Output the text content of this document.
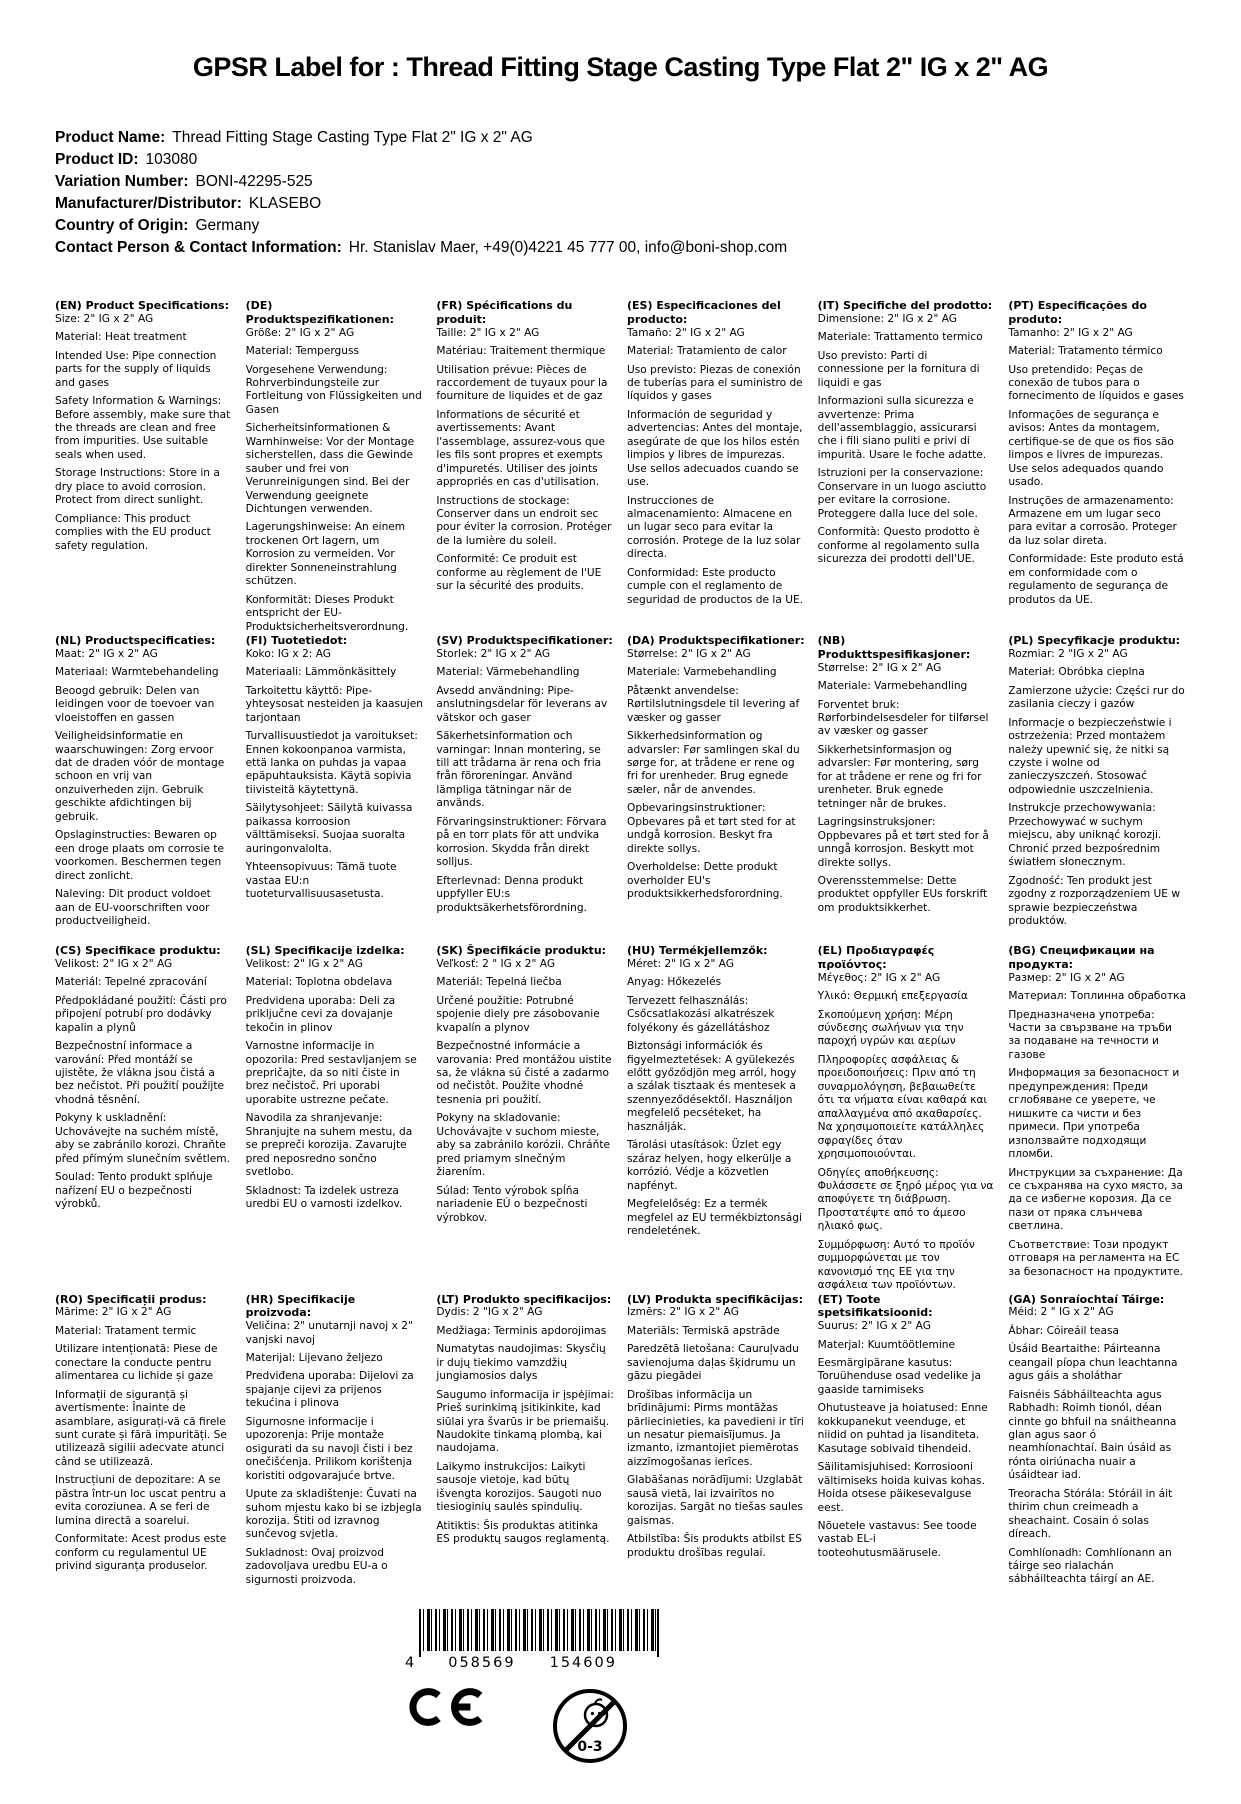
GPSR Label for : Thread Fitting Stage Casting Type Flat 2" IG x 2" AG
Product Name: Thread Fitting Stage Casting Type Flat 2" IG x 2" AG
Product ID: 103080
Variation Number: BONI-42295-525
Manufacturer/Distributor: KLASEBO
Country of Origin: Germany
Contact Person & Contact Information: Hr. Stanislav Maer, +49(0)4221 45 777 00, info@boni-shop.com
(EN) Product Specifications:

Size: 2" IG x 2" AG

Material: Heat treatment

Intended Use: Pipe connection parts for the supply of liquids and gases

Safety Information & Warnings: Before assembly, make sure that the threads are clean and free from impurities. Use suitable seals when used.

Storage Instructions: Store in a dry place to avoid corrosion. Protect from direct sunlight.

Compliance: This product complies with the EU product safety regulation.

(DE) Produktspezifikationen:

Größe: 2" IG x 2" AG

Material: Temperguss

Vorgesehene Verwendung: Rohrverbindungsteile zur Fortleitung von Flüssigkeiten und Gasen

Sicherheitsinformationen & Warnhinweise: Vor der Montage sicherstellen, dass die Gewinde sauber und frei von Verunreinigungen sind. Bei der Verwendung geeignete Dichtungen verwenden.

Lagerungshinweise: An einem trockenen Ort lagern, um Korrosion zu vermeiden. Vor direkter Sonneneinstrahlung schützen.

Konformität: Dieses Produkt entspricht der EU-Produktsicherheitsverordnung.

(FR) Spécifications du produit:

Taille: 2" IG x 2" AG

Matériau: Traitement thermique

Utilisation prévue: Pièces de raccordement de tuyaux pour la fourniture de liquides et de gaz

Informations de sécurité et avertissements: Avant l'assemblage, assurez-vous que les fils sont propres et exempts d'impuretés. Utiliser des joints appropriés en cas d'utilisation.

Instructions de stockage: Conserver dans un endroit sec pour éviter la corrosion. Protéger de la lumière du soleil.

Conformité: Ce produit est conforme au règlement de l'UE sur la sécurité des produits.

(ES) Especificaciones del producto:

Tamaño: 2" IG x 2" AG

Material: Tratamiento de calor

Uso previsto: Piezas de conexión de tuberías para el suministro de líquidos y gases

Información de seguridad y advertencias: Antes del montaje, asegúrate de que los hilos estén limpios y libres de impurezas. Use sellos adecuados cuando se use.

Instrucciones de almacenamiento: Almacene en un lugar seco para evitar la corrosión. Protege de la luz solar directa.

Conformidad: Este producto cumple con el reglamento de seguridad de productos de la UE.

(IT) Specifiche del prodotto:

Dimensione: 2" IG x 2" AG

Materiale: Trattamento termico

Uso previsto: Parti di connessione per la fornitura di liquidi e gas

Informazioni sulla sicurezza e avvertenze: Prima dell'assemblaggio, assicurarsi che i fili siano puliti e privi di impurità. Usare le foche adatte.

Istruzioni per la conservazione: Conservare in un luogo asciutto per evitare la corrosione. Proteggere dalla luce del sole.

Conformità: Questo prodotto è conforme al regolamento sulla sicurezza dei prodotti dell'UE.

(PT) Especificações do produto:

Tamanho: 2" IG x 2" AG

Material: Tratamento térmico

Uso pretendido: Peças de conexão de tubos para o fornecimento de líquidos e gases

Informações de segurança e avisos: Antes da montagem, certifique-se de que os fios são limpos e livres de impurezas. Use selos adequados quando usado.

Instruções de armazenamento: Armazene em um lugar seco para evitar a corrosão. Proteger da luz solar direta.

Conformidade: Este produto está em conformidade com o regulamento de segurança de produtos da UE.

(NL) Productspecificaties:

Maat: 2" IG x 2" AG

Materiaal: Warmtebehandeling

Beoogd gebruik: Delen van leidingen voor de toevoer van vloeistoffen en gassen

Veiligheidsinformatie en waarschuwingen: Zorg ervoor dat de draden vóór de montage schoon en vrij van onzuiverheden zijn. Gebruik geschikte afdichtingen bij gebruik.

Opslaginstructies: Bewaren op een droge plaats om corrosie te voorkomen. Beschermen tegen direct zonlicht.

Naleving: Dit product voldoet aan de EU-voorschriften voor productveiligheid.

(FI) Tuotetiedot:

Koko: IG x 2: AG

Materiaali: Lämmönkäsittely

Tarkoitettu käyttö: Pipe-yhteysosat nesteiden ja kaasujen tarjontaan

Turvallisuustiedot ja varoitukset: Ennen kokoonpanoa varmista, että lanka on puhdas ja vapaa epäpuhtauksista. Käytä sopivia tiivisteitä käytettynä.

Säilytysohjeet: Säilytä kuivassa paikassa korroosion välttämiseksi. Suojaa suoralta auringonvalolta.

Yhteensopivuus: Tämä tuote vastaa EU:n tuoteturvallisuusasetusta.

(SV) Produktspecifikationer:

Storlek: 2" IG x 2" AG

Material: Värmebehandling

Avsedd användning: Pipe-anslutningsdelar för leverans av vätskor och gaser

Säkerhetsinformation och varningar: Innan montering, se till att trådarna är rena och fria från föroreningar. Använd lämpliga tätningar när de används.

Förvaringsinstruktioner: Förvara på en torr plats för att undvika korrosion. Skydda från direkt solljus.

Efterlevnad: Denna produkt uppfyller EU:s produktsäkerhetsförordning.

(DA) Produktspecifikationer:

Størrelse: 2" IG x 2" AG

Materiale: Varmebehandling

Påtænkt anvendelse: Rørtilslutningsdele til levering af væsker og gasser

Sikkerhedsinformation og advarsler: Før samlingen skal du sørge for, at trådene er rene og fri for urenheder. Brug egnede sæler, når de anvendes.

Opbevaringsinstruktioner: Opbevares på et tørt sted for at undgå korrosion. Beskyt fra direkte sollys.

Overholdelse: Dette produkt overholder EU's produktsikkerhedsforordning.

(NB) Produkttspesifikasjoner:

Størrelse: 2" IG x 2" AG

Materiale: Varmebehandling

Forventet bruk: Rørforbindelsesdeler for tilførsel av væsker og gasser

Sikkerhetsinformasjon og advarsler: Før montering, sørg for at trådene er rene og fri for urenheter. Bruk egnede tetninger når de brukes.

Lagringsinstruksjoner: Oppbevares på et tørt sted for å unngå korrosjon. Beskytt mot direkte sollys.

Overensstemmelse: Dette produktet oppfyller EUs forskrift om produktsikkerhet.

(PL) Specyfikacje produktu:

Rozmiar: 2 "IG x 2" AG

Materiał: Obróbka cieplna

Zamierzone użycie: Części rur do zasilania cieczy i gazów

Informacje o bezpieczeństwie i ostrzeżenia: Przed montażem należy upewnić się, że nitki są czyste i wolne od zanieczyszczeń. Stosować odpowiednie uszczelnienia.

Instrukcje przechowywania: Przechowywać w suchym miejscu, aby uniknąć korozji. Chronić przed bezpośrednim światłem słonecznym.

Zgodność: Ten produkt jest zgodny z rozporządzeniem UE w sprawie bezpieczeństwa produktów.

(CS) Specifikace produktu:

Velikost: 2" IG x 2" AG

Materiál: Tepelné zpracování

Předpokládané použití: Části pro připojení potrubí pro dodávky kapalin a plynů

Bezpečnostní informace a varování: Před montáží se ujistěte, že vlákna jsou čistá a bez nečistot. Při použití použijte vhodná těsnění.

Pokyny k uskladnění: Uchovávejte na suchém místě, aby se zabránilo korozi. Chraňte před přímým slunečním světlem.

Soulad: Tento produkt splňuje nařízení EU o bezpečnosti výrobků.

(SL) Specifikacije izdelka:

Velikost: 2" IG x 2" AG

Material: Toplotna obdelava

Predvidena uporaba: Deli za priključne cevi za dovajanje tekočin in plinov

Varnostne informacije in opozorila: Pred sestavljanjem se prepričajte, da so niti čiste in brez nečistoč. Pri uporabi uporabite ustrezne pečate.

Navodila za shranjevanje: Shranjujte na suhem mestu, da se prepreči korozija. Zavarujte pred neposredno sončno svetlobo.

Skladnost: Ta izdelek ustreza uredbi EU o varnosti izdelkov.

(SK) Špecifikácie produktu:

Veľkosť: 2 " IG x 2" AG

Materiál: Tepelná liečba

Určené použitie: Potrubné spojenie diely pre zásobovanie kvapalín a plynov

Bezpečnostné informácie a varovania: Pred montážou uistite sa, že vlákna sú čisté a zadarmo od nečistôt. Použite vhodné tesnenia pri použití.

Pokyny na skladovanie: Uchovávajte v suchom mieste, aby sa zabránilo korózii. Chráňte pred priamym slnečným žiarením.

Súlad: Tento výrobok spĺňa nariadenie EÚ o bezpečnosti výrobkov.

(HU) Termékjellemzők:

Méret: 2" IG x 2" AG

Anyag: Hőkezelés

Tervezett felhasználás: Csőcsatlakozási alkatrészek folyékony és gázellátáshoz

Biztonsági információk és figyelmeztetések: A gyülekezés előtt győződjön meg arról, hogy a szálak tisztaak és mentesek a szennyeződésektől. Használjon megfelelő pecséteket, ha használják.

Tárolási utasítások: Üzlet egy száraz helyen, hogy elkerülje a korrózió. Védje a közvetlen napfényt.

Megfelelőség: Ez a termék megfelel az EU termékbiztonsági rendeletének.

(EL) Προδιαγραφές προϊόντος:

Μέγεθος: 2" IG x 2" AG

Υλικό: Θερμική επεξεργασία

Σκοπούμενη χρήση: Μέρη σύνδεσης σωλήνων για την παροχή υγρών και αερίων

Πληροφορίες ασφάλειας & προειδοποιήσεις: Πριν από τη συναρμολόγηση, βεβαιωθείτε ότι τα νήματα είναι καθαρά και απαλλαγμένα από ακαθαρσίες. Να χρησιμοποιείτε κατάλληλες σφραγίδες όταν χρησιμοποιούνται.

Οδηγίες αποθήκευσης: Φυλάσσετε σε ξηρό μέρος για να αποφύγετε τη διάβρωση. Προστατέψτε από το άμεσο ηλιακό φως.

Συμμόρφωση: Αυτό το προϊόν συμμορφώνεται με τον κανονισμό της ΕΕ για την ασφάλεια των προϊόντων.

(BG) Спецификации на продукта:

Размер: 2" IG x 2" AG

Материал: Топлинна обработка

Предназначена употреба: Части за свързване на тръби за подаване на течности и газове

Информация за безопасност и предупреждения: Преди сглобяване се уверете, че нишките са чисти и без примеси. При употреба използвайте подходящи пломби.

Инструкции за съхранение: Да се съхранява на сухо място, за да се избегне корозия. Да се пази от пряка слънчева светлина.

Съответствие: Този продукт отговаря на регламента на ЕС за безопасност на продуктите.

(RO) Specificații produs:

Mărime: 2" IG x 2" AG

Material: Tratament termic

Utilizare intenționată: Piese de conectare la conducte pentru alimentarea cu lichide și gaze

Informații de siguranță și avertismente: Înainte de asamblare, asigurați-vă că firele sunt curate și fără impurități. Se utilizează sigilii adecvate atunci când se utilizează.

Instrucțiuni de depozitare: A se păstra într-un loc uscat pentru a evita coroziunea. A se feri de lumina directă a soarelui.

Conformitate: Acest produs este conform cu regulamentul UE privind siguranța produselor.

(HR) Specifikacije proizvoda:

Veličina: 2" unutarnji navoj x 2" vanjski navoj

Materijal: Lijevano željezo

Predviđena uporaba: Dijelovi za spajanje cijevi za prijenos tekućina i plinova

Sigurnosne informacije i upozorenja: Prije montaže osigurati da su navoji čisti i bez onečišćenja. Prilikom korištenja koristiti odgovarajuće brtve.

Upute za skladištenje: Čuvati na suhom mjestu kako bi se izbjegla korozija. Štiti od izravnog sunčevog svjetla.

Sukladnost: Ovaj proizvod zadovoljava uredbu EU-a o sigurnosti proizvoda.

(LT) Produkto specifikacijos:

Dydis: 2 "IG x 2" AG

Medžiaga: Terminis apdorojimas

Numatytas naudojimas: Skysčių ir dujų tiekimo vamzdžių jungiamosios dalys

Saugumo informacija ir įspėjimai: Prieš surinkimą įsitikinkite, kad siūlai yra švarūs ir be priemaišų. Naudokite tinkamą plombą, kai naudojama.

Laikymo instrukcijos: Laikyti sausoje vietoje, kad būtų išvengta korozijos. Saugoti nuo tiesioginių saulės spindulių.

Atitiktis: Šis produktas atitinka ES produktų saugos reglamentą.

(LV) Produkta specifikācijas:

Izmērs: 2" IG x 2" AG

Materiāls: Termiskā apstrāde

Paredzētā lietošana: Cauruļvadu savienojuma daļas šķidrumu un gāzu piegādei

Drošības informācija un brīdinājumi: Pirms montāžas pārliecinieties, ka pavedieni ir tīri un nesatur piemaisījumus. Ja izmanto, izmantojiet piemērotas aizzīmogošanas ierīces.

Glabāšanas norādījumi: Uzglabāt sausā vietā, lai izvairītos no korozijas. Sargāt no tiešas saules gaismas.

Atbilstība: Šis produkts atbilst ES produktu drošības regulai.

(ET) Toote spetsifikatsioonid:

Suurus: 2" IG x 2" AG

Materjal: Kuumtöötlemine

Eesmärgipärane kasutus: Toruühenduse osad vedelike ja gaaside tarnimiseks

Ohutusteave ja hoiatused: Enne kokkupanekut veenduge, et niidid on puhtad ja lisanditeta. Kasutage sobivaid tihendeid.

Säilitamisjuhised: Korrosiooni vältimiseks hoida kuivas kohas. Hoida otsese päikesevalguse eest.

Nõuetele vastavus: See toode vastab EL-i tooteohutusmäärusele.

(GA) Sonraíochtaí Táirge:

Méid: 2 " IG x 2" AG

Ábhar: Cóireáil teasa

Úsáid Beartaithe: Páirteanna ceangail píopa chun leachtanna agus gáis a sholáthar

Faisnéis Sábháilteachta agus Rabhadh: Roimh tionól, déan cinnte go bhfuil na snáitheanna glan agus saor ó neamhíonachtaí. Bain úsáid as rónta oiriúnacha nuair a úsáidtear iad.

Treoracha Stórála: Stóráil in áit thirim chun creimeadh a sheachaint. Cosain ó solas díreach.

Comhlíonadh: Comhlíonann an táirge seo rialachán sábháilteachta táirgí an AE.

4 058569 154609
0-3
